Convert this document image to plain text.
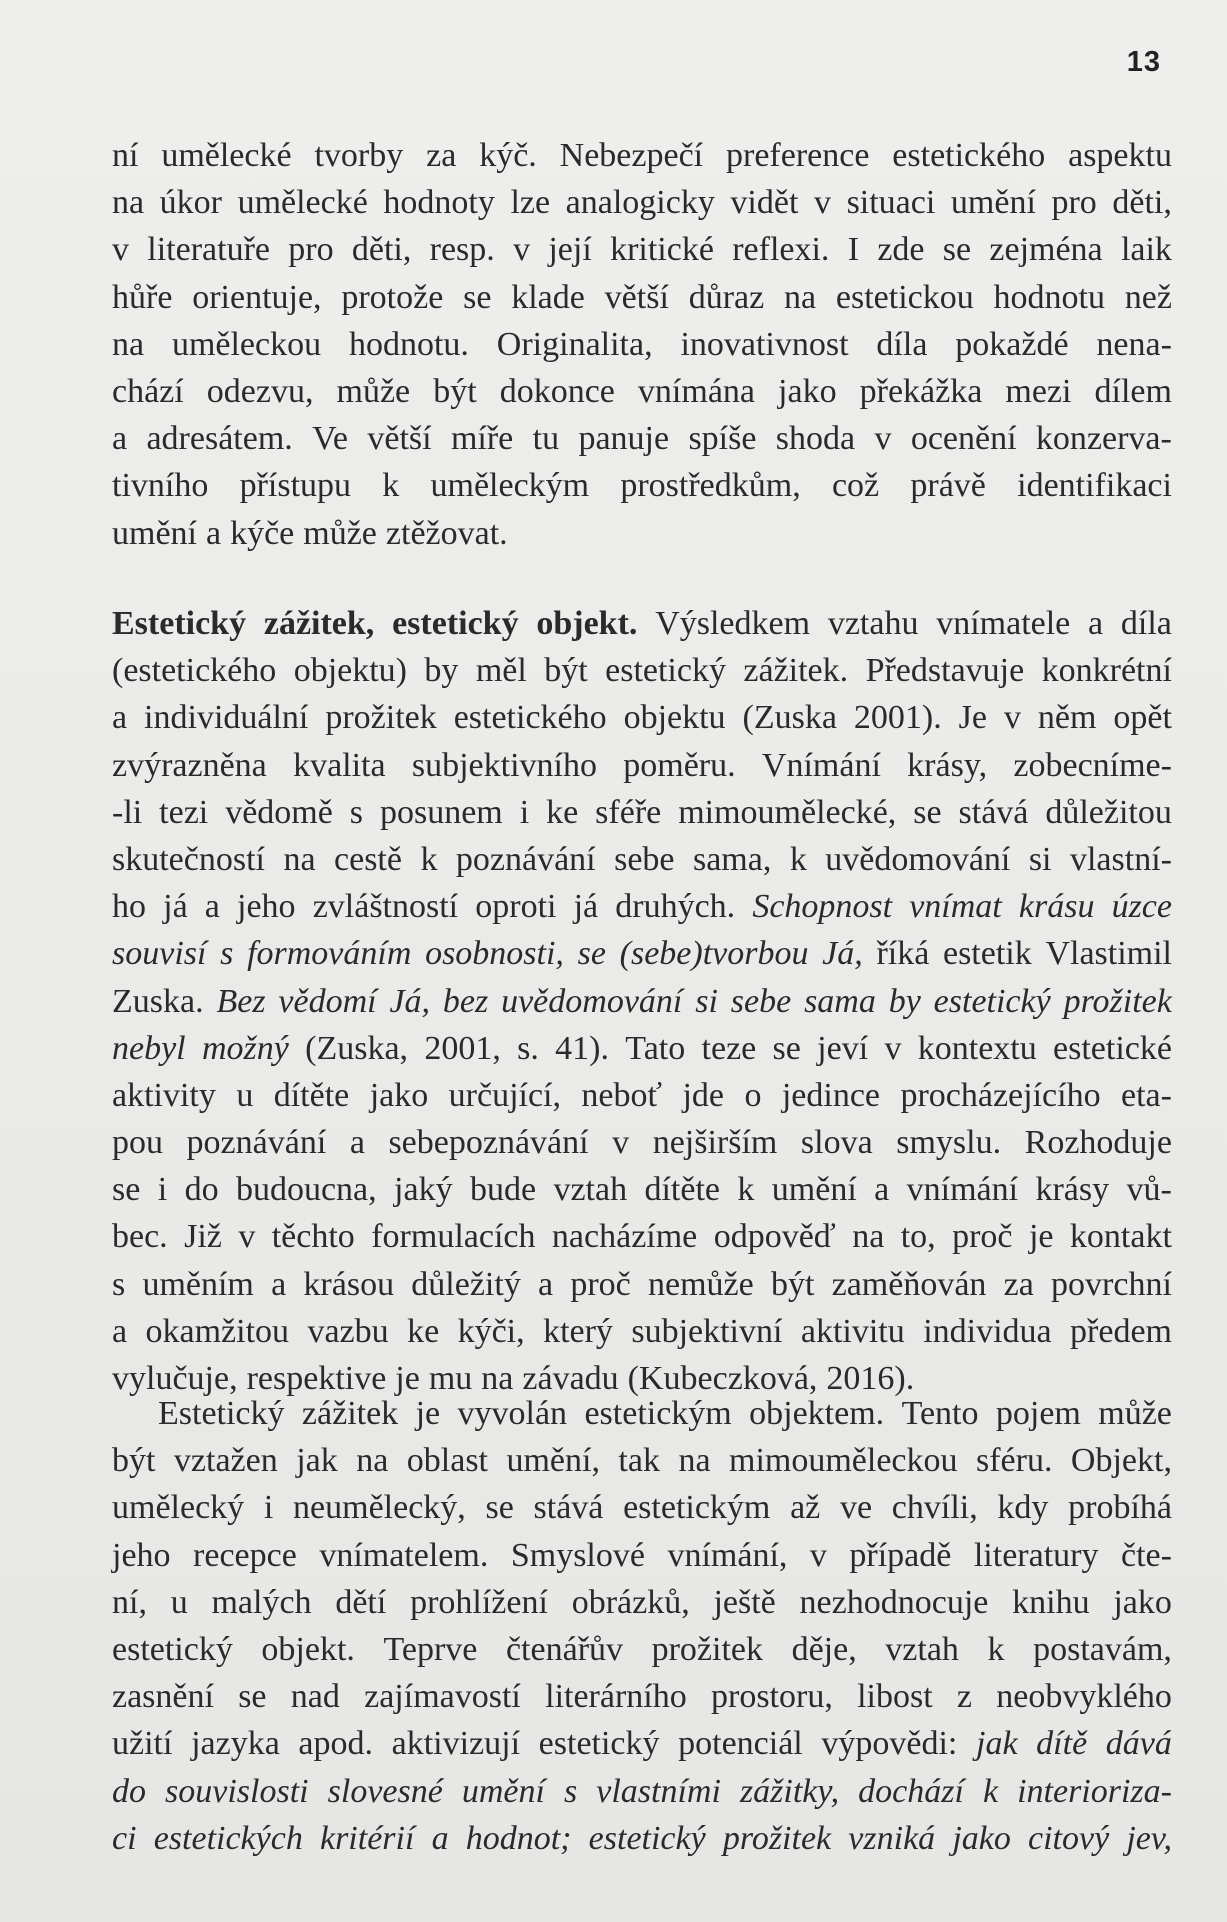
13
ní umělecké tvorby za kýč. Nebezpečí preference estetického aspektu
na úkor umělecké hodnoty lze analogicky vidět v situaci umění pro děti,
v literatuře pro děti, resp. v její kritické reflexi. I zde se zejména laik
hůře orientuje, protože se klade větší důraz na estetickou hodnotu než
na uměleckou hodnotu. Originalita, inovativnost díla pokaždé nena-
chází odezvu, může být dokonce vnímána jako překážka mezi dílem
a adresátem. Ve větší míře tu panuje spíše shoda v ocenění konzerva-
tivního přístupu k uměleckým prostředkům, což právě identifikaci
umění a kýče může ztěžovat.
Estetický zážitek, estetický objekt. Výsledkem vztahu vnímatele a díla
(estetického objektu) by měl být estetický zážitek. Představuje konkrétní
a individuální prožitek estetického objektu (Zuska 2001). Je v něm opět
zvýrazněna kvalita subjektivního poměru. Vnímání krásy, zobecníme-
-li tezi vědomě s posunem i ke sféře mimoumělecké, se stává důležitou
skutečností na cestě k poznávání sebe sama, k uvědomování si vlastní-
ho já a jeho zvláštností oproti já druhých. Schopnost vnímat krásu úzce
souvisí s formováním osobnosti, se (sebe)tvorbou Já, říká estetik Vlastimil
Zuska. Bez vědomí Já, bez uvědomování si sebe sama by estetický prožitek
nebyl možný (Zuska, 2001, s. 41). Tato teze se jeví v kontextu estetické
aktivity u dítěte jako určující, neboť jde o jedince procházejícího eta-
pou poznávání a sebepoznávání v nejširším slova smyslu. Rozhoduje
se i do budoucna, jaký bude vztah dítěte k umění a vnímání krásy vů-
bec. Již v těchto formulacích nacházíme odpověď na to, proč je kontakt
s uměním a krásou důležitý a proč nemůže být zaměňován za povrchní
a okamžitou vazbu ke kýči, který subjektivní aktivitu individua předem
vylučuje, respektive je mu na závadu (Kubeczková, 2016).
Estetický zážitek je vyvolán estetickým objektem. Tento pojem může
být vztažen jak na oblast umění, tak na mimouměleckou sféru. Objekt,
umělecký i neumělecký, se stává estetickým až ve chvíli, kdy probíhá
jeho recepce vnímatelem. Smyslové vnímání, v případě literatury čte-
ní, u malých dětí prohlížení obrázků, ještě nezhodnocuje knihu jako
estetický objekt. Teprve čtenářův prožitek děje, vztah k postavám,
zasnění se nad zajímavostí literárního prostoru, libost z neobvyklého
užití jazyka apod. aktivizují estetický potenciál výpovědi: jak dítě dává
do souvislosti slovesné umění s vlastními zážitky, dochází k interioriza-
ci estetických kritérií a hodnot; estetický prožitek vzniká jako citový jev,
